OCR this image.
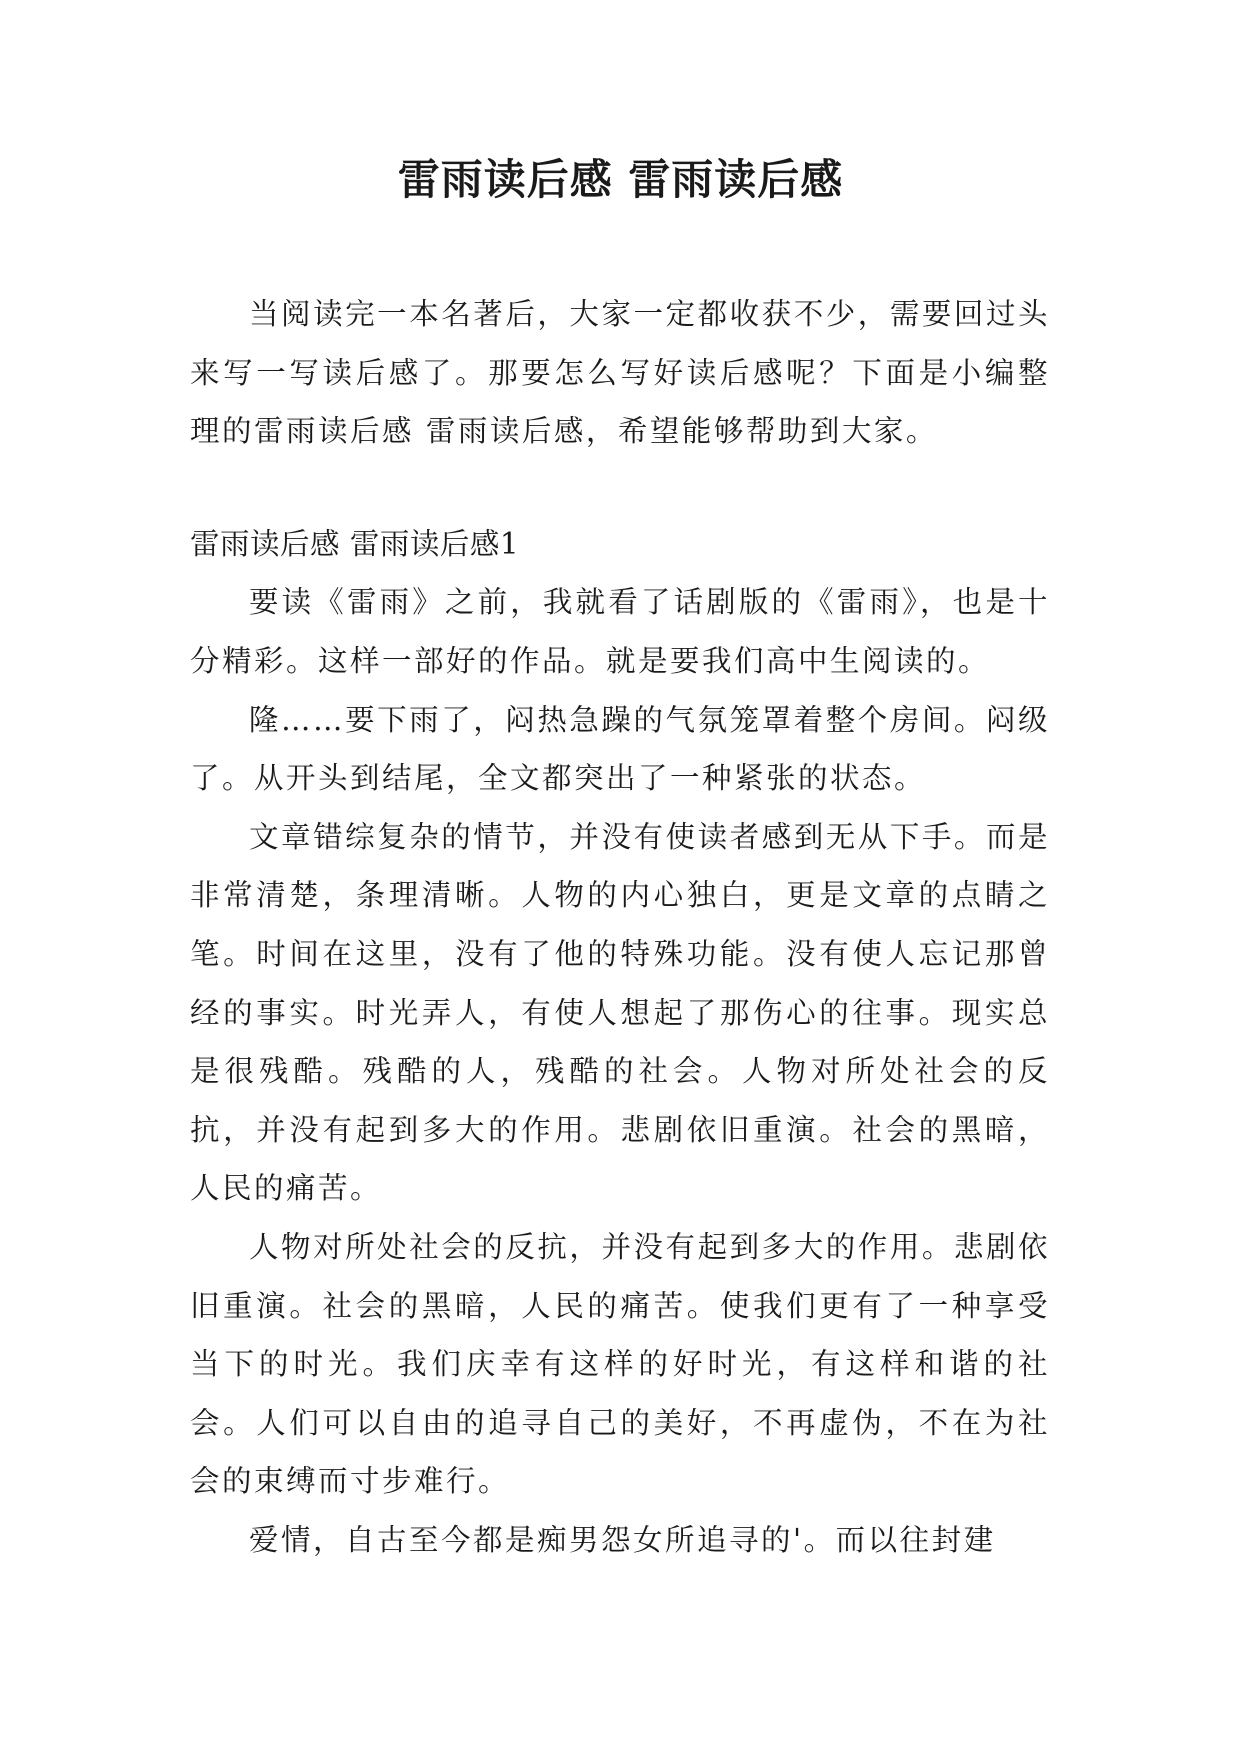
雷雨读后感 雷雨读后感

当阅读完一本名著后，大家一定都收获不少，需要回过头来写一写读后感了。那要怎么写好读后感呢？下面是小编整理的雷雨读后感 雷雨读后感，希望能够帮助到大家。

雷雨读后感 雷雨读后感1

要读《雷雨》之前，我就看了话剧版的《雷雨》，也是十分精彩。这样一部好的作品。就是要我们高中生阅读的。

隆……要下雨了，闷热急躁的气氛笼罩着整个房间。闷级了。从开头到结尾，全文都突出了一种紧张的状态。

文章错综复杂的情节，并没有使读者感到无从下手。而是非常清楚，条理清晰。人物的内心独白，更是文章的点睛之笔。时间在这里，没有了他的特殊功能。没有使人忘记那曾经的事实。时光弄人，有使人想起了那伤心的往事。现实总是很残酷。残酷的人，残酷的社会。人物对所处社会的反抗，并没有起到多大的作用。悲剧依旧重演。社会的黑暗，人民的痛苦。

人物对所处社会的反抗，并没有起到多大的作用。悲剧依旧重演。社会的黑暗，人民的痛苦。使我们更有了一种享受当下的时光。我们庆幸有这样的好时光，有这样和谐的社会。人们可以自由的追寻自己的美好，不再虚伪，不在为社会的束缚而寸步难行。

爱情，自古至今都是痴男怨女所追寻的'。而以往封建
